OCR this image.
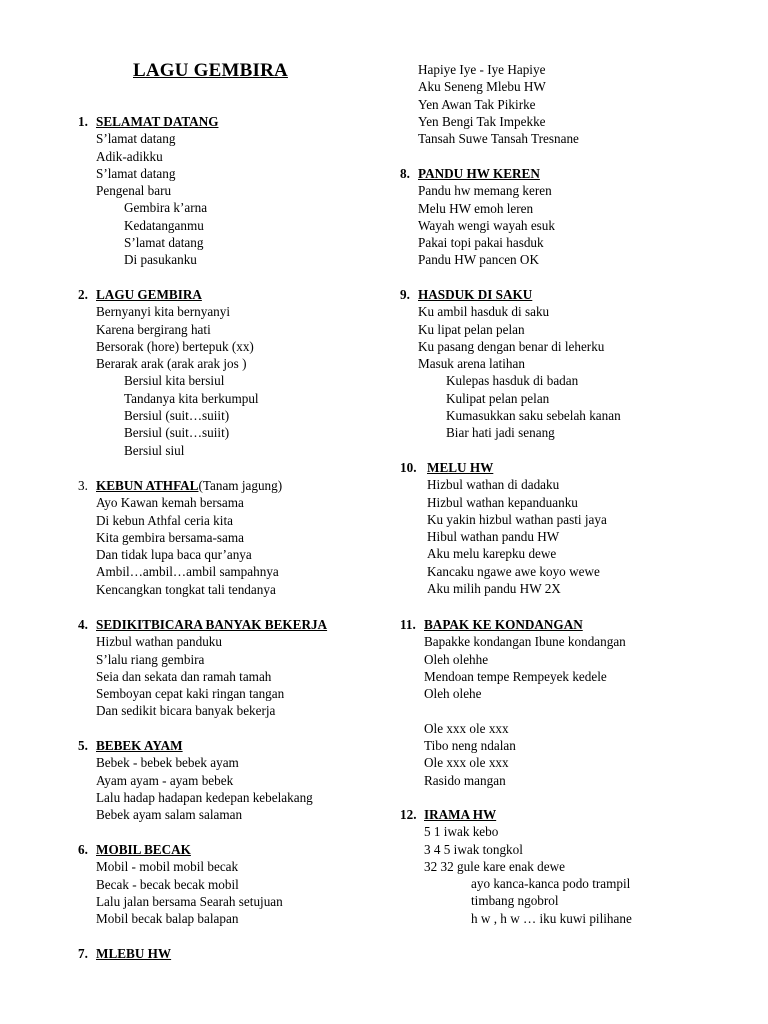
LAGU GEMBIRA
1. SELAMAT DATANG
S’lamat datang
Adik-adikku
S’lamat datang
Pengenal baru
Gembira k’arna
Kedatanganmu
S’lamat datang
Di pasukanku
2. LAGU GEMBIRA
Bernyanyi kita bernyanyi
Karena bergirang hati
Bersorak (hore) bertepuk (xx)
Berarak arak (arak arak jos )
Bersiul kita bersiul
Tandanya kita berkumpul
Bersiul (suit…suiit)
Bersiul (suit…suiit)
Bersiul siul
3. KEBUN ATHFAL (Tanam jagung)
Ayo Kawan kemah bersama
Di kebun Athfal ceria kita
Kita gembira bersama-sama
Dan tidak lupa baca qur’anya
Ambil…ambil…ambil sampahnya
Kencangkan tongkat tali tendanya
4. SEDIKITBICARA BANYAK BEKERJA
Hizbul wathan panduku
S’lalu riang gembira
Seia dan sekata dan ramah tamah
Semboyan cepat kaki ringan tangan
Dan sedikit bicara banyak bekerja
5. BEBEK AYAM
Bebek - bebek bebek ayam
Ayam ayam - ayam bebek
Lalu hadap hadapan kedepan kebelakang
Bebek ayam salam salaman
6. MOBIL BECAK
Mobil - mobil mobil becak
Becak - becak becak mobil
Lalu jalan bersama Searah setujuan
Mobil becak balap balapan
7. MLEBU HW
Hapiye Iye - Iye Hapiye
Aku Seneng Mlebu HW
Yen Awan Tak Pikirke
Yen Bengi Tak Impekke
Tansah Suwe Tansah Tresnane
8. PANDU HW KEREN
Pandu hw memang keren
Melu HW emoh leren
Wayah wengi wayah esuk
Pakai topi pakai hasduk
Pandu HW pancen OK
9. HASDUK DI SAKU
Ku ambil hasduk di saku
Ku lipat pelan pelan
Ku pasang dengan benar di leherku
Masuk arena latihan
Kulepas hasduk di badan
Kulipat pelan pelan
Kumasukkan saku sebelah kanan
Biar hati jadi senang
10. MELU HW
Hizbul wathan di dadaku
Hizbul wathan kepanduanku
Ku yakin hizbul wathan pasti jaya
Hibul wathan pandu HW
Aku melu karepku dewe
Kancaku ngawe awe koyo wewe
Aku milih pandu HW 2X
11. BAPAK KE KONDANGAN
Bapakke kondangan Ibune kondangan
Oleh olehhe
Mendoan tempe Rempeyek kedele
Oleh olehe

Ole xxx ole xxx
Tibo neng ndalan
Ole xxx ole xxx
Rasido mangan
12. IRAMA HW
5 1 iwak kebo
3 4 5 iwak tongkol
32 32 gule kare enak dewe
ayo kanca-kanca podo trampil
timbang ngobrol
h w , h w … iku kuwi pilihane
